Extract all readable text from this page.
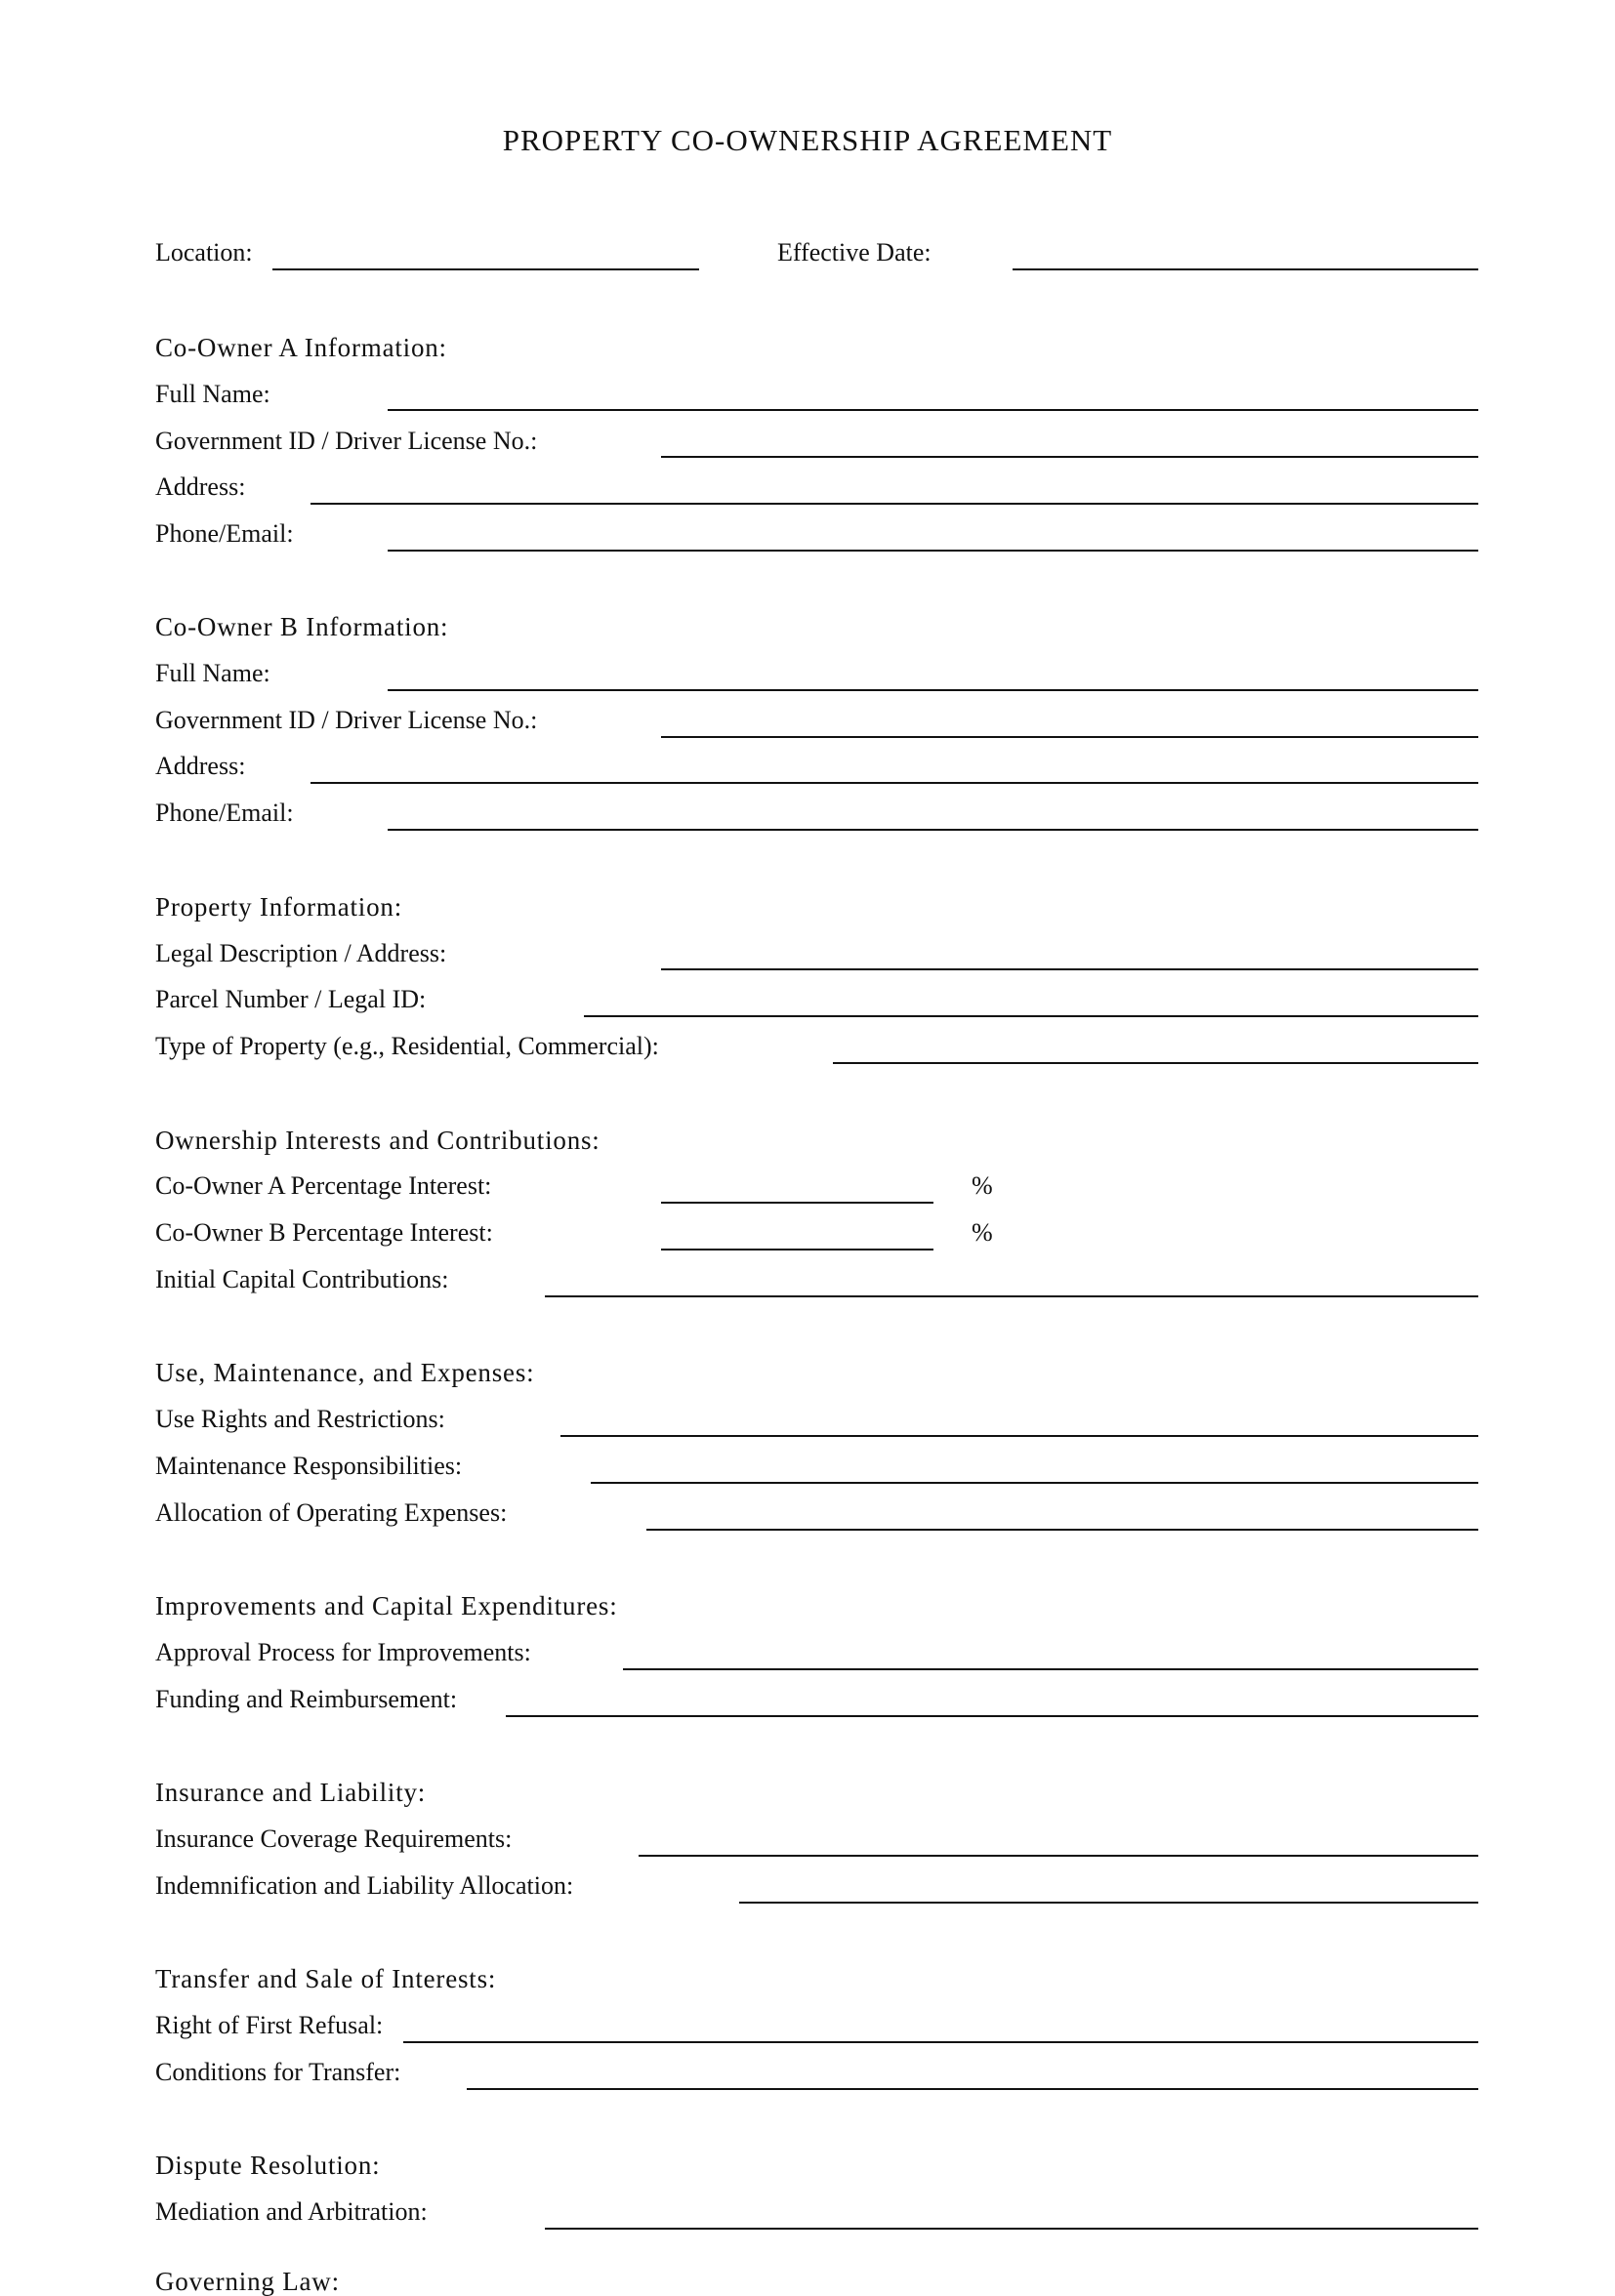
PROPERTY CO-OWNERSHIP AGREEMENT
Location:	Effective Date:
Co-Owner A Information:
Full Name:
Government ID / Driver License No.:
Address:
Phone/Email:
Co-Owner B Information:
Full Name:
Government ID / Driver License No.:
Address:
Phone/Email:
Property Information:
Legal Description / Address:
Parcel Number / Legal ID:
Type of Property (e.g., Residential, Commercial):
Ownership Interests and Contributions:
Co-Owner A Percentage Interest:	%
Co-Owner B Percentage Interest:	%
Initial Capital Contributions:
Use, Maintenance, and Expenses:
Use Rights and Restrictions:
Maintenance Responsibilities:
Allocation of Operating Expenses:
Improvements and Capital Expenditures:
Approval Process for Improvements:
Funding and Reimbursement:
Insurance and Liability:
Insurance Coverage Requirements:
Indemnification and Liability Allocation:
Transfer and Sale of Interests:
Right of First Refusal:
Conditions for Transfer:
Dispute Resolution:
Mediation and Arbitration:
Governing Law:
